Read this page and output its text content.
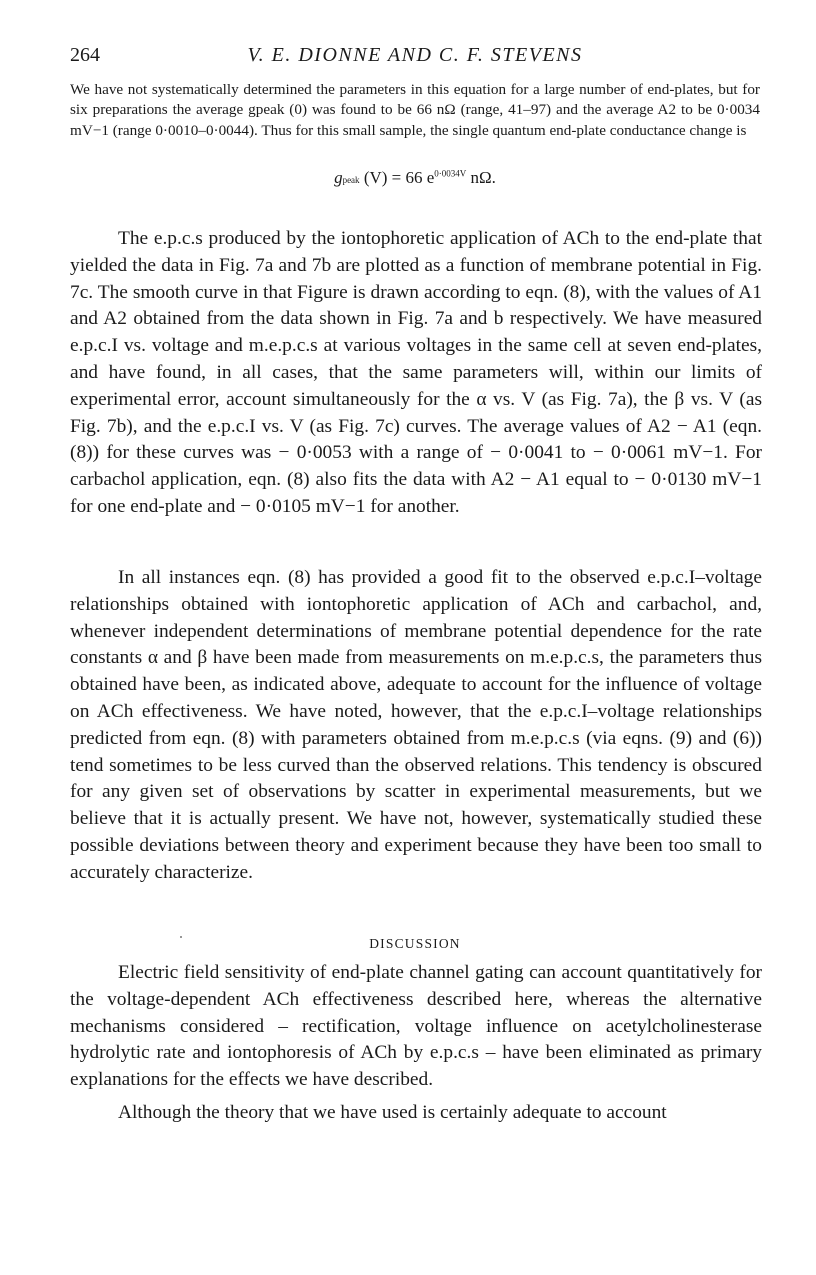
264	V. E. DIONNE AND C. F. STEVENS
We have not systematically determined the parameters in this equation for a large number of end-plates, but for six preparations the average gpeak (0) was found to be 66 nΩ (range, 41–97) and the average A2 to be 0·0034 mV−1 (range 0·0010–0·0044). Thus for this small sample, the single quantum end-plate conductance change is
gpeak (V) = 66 $e^{0\cdot 0034V}$ nΩ.
The e.p.c.s produced by the iontophoretic application of ACh to the end-plate that yielded the data in Fig. 7a and 7b are plotted as a function of membrane potential in Fig. 7c. The smooth curve in that Figure is drawn according to eqn. (8), with the values of A1 and A2 obtained from the data shown in Fig. 7a and b respectively. We have measured e.p.c.I vs. voltage and m.e.p.c.s at various voltages in the same cell at seven end-plates, and have found, in all cases, that the same parameters will, within our limits of experimental error, account simultaneously for the α vs. V (as Fig. 7a), the β vs. V (as Fig. 7b), and the e.p.c.I vs. V (as Fig. 7c) curves. The average values of A2 − A1 (eqn. (8)) for these curves was − 0·0053 with a range of − 0·0041 to − 0·0061 mV−1. For carbachol application, eqn. (8) also fits the data with A2 − A1 equal to − 0·0130 mV−1 for one end-plate and − 0·0105 mV−1 for another.
In all instances eqn. (8) has provided a good fit to the observed e.p.c.I–voltage relationships obtained with iontophoretic application of ACh and carbachol, and, whenever independent determinations of membrane potential dependence for the rate constants α and β have been made from measurements on m.e.p.c.s, the parameters thus obtained have been, as indicated above, adequate to account for the influence of voltage on ACh effectiveness. We have noted, however, that the e.p.c.I–voltage relationships predicted from eqn. (8) with parameters obtained from m.e.p.c.s (via eqns. (9) and (6)) tend sometimes to be less curved than the observed relations. This tendency is obscured for any given set of observations by scatter in experimental measurements, but we believe that it is actually present. We have not, however, systematically studied these possible deviations between theory and experiment because they have been too small to accurately characterize.
DISCUSSION
Electric field sensitivity of end-plate channel gating can account quantitatively for the voltage-dependent ACh effectiveness described here, whereas the alternative mechanisms considered – rectification, voltage influence on acetylcholinesterase hydrolytic rate and iontophoresis of ACh by e.p.c.s – have been eliminated as primary explanations for the effects we have described.
Although the theory that we have used is certainly adequate to account
